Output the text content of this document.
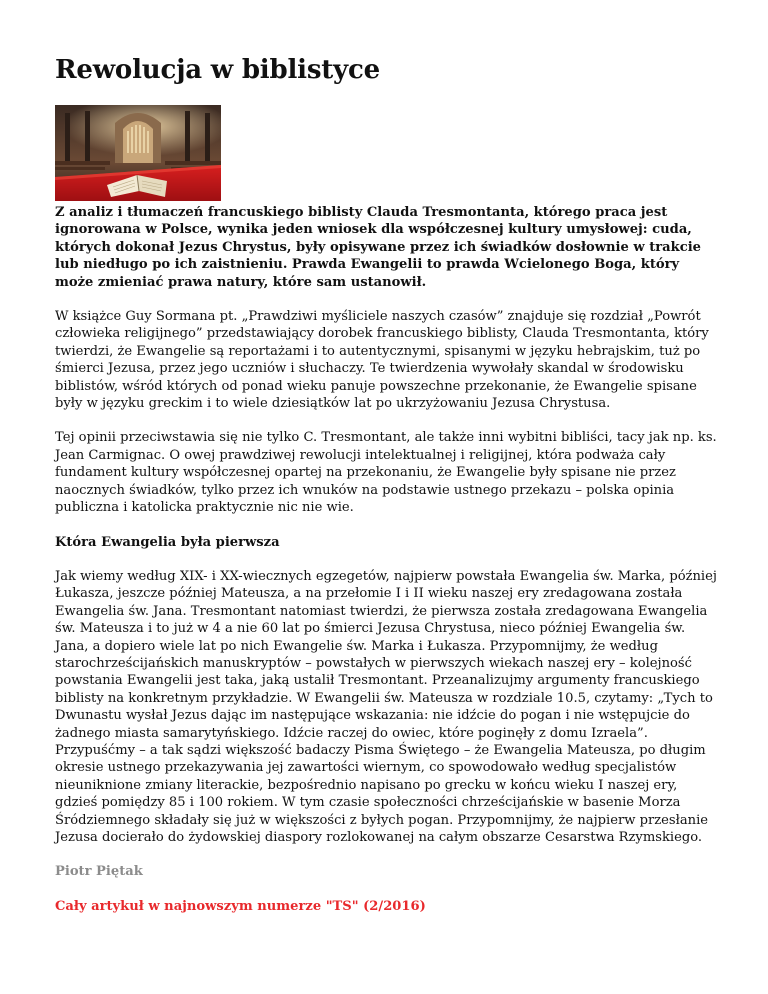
Rewolucja w biblistyce

Z analiz i tłumaczeń francuskiego biblisty Clauda Tresmontanta, którego praca jest ignorowana w Polsce, wynika jeden wniosek dla współczesnej kultury umysłowej: cuda, których dokonał Jezus Chrystus, były opisywane przez ich świadków dosłownie w trakcie lub niedługo po ich zaistnieniu. Prawda Ewangelii to prawda Wcielonego Boga, który może zmieniać prawa natury, które sam ustanowił.

W książce Guy Sormana pt. „Prawdziwi myśliciele naszych czasów” znajduje się rozdział „Powrót człowieka religijnego” przedstawiający dorobek francuskiego biblisty, Clauda Tresmontanta, który twierdzi, że Ewangelie są reportażami i to autentycznymi, spisanymi w języku hebrajskim, tuż po śmierci Jezusa, przez jego uczniów i słuchaczy. Te twierdzenia wywołały skandal w środowisku biblistów, wśród których od ponad wieku panuje powszechne przekonanie, że Ewangelie spisane były w języku greckim i to wiele dziesiątków lat po ukrzyżowaniu Jezusa Chrystusa.

Tej opinii przeciwstawia się nie tylko C. Tresmontant, ale także inni wybitni bibliści, tacy jak np. ks. Jean Carmignac. O owej prawdziwej rewolucji intelektualnej i religijnej, która podważa cały fundament kultury współczesnej opartej na przekonaniu, że Ewangelie były spisane nie przez naocznych świadków, tylko przez ich wnuków na podstawie ustnego przekazu – polska opinia publiczna i katolicka praktycznie nic nie wie.

Która Ewangelia była pierwsza

Jak wiemy według XIX- i XX-wiecznych egzegetów, najpierw powstała Ewangelia św. Marka, później Łukasza, jeszcze później Mateusza, a na przełomie I i II wieku naszej ery zredagowana została Ewangelia św. Jana. Tresmontant natomiast twierdzi, że pierwsza została zredagowana Ewangelia św. Mateusza i to już w 4 a nie 60 lat po śmierci Jezusa Chrystusa, nieco później Ewangelia św. Jana, a dopiero wiele lat po nich Ewangelie św. Marka i Łukasza. Przypomnijmy, że według starochrześcijańskich manuskryptów – powstałych w pierwszych wiekach naszej ery – kolejność powstania Ewangelii jest taka, jaką ustalił Tresmontant. Przeanalizujmy argumenty francuskiego biblisty na konkretnym przykładzie. W Ewangelii św. Mateusza w rozdziale 10.5, czytamy: „Tych to Dwunastu wysłał Jezus dając im następujące wskazania: nie idźcie do pogan i nie wstępujcie do żadnego miasta samarytyńskiego. Idźcie raczej do owiec, które poginęły z domu Izraela”. Przypuśćmy – a tak sądzi większość badaczy Pisma Świętego – że Ewangelia Mateusza, po długim okresie ustnego przekazywania jej zawartości wiernym, co spowodowało według specjalistów nieuniknione zmiany literackie, bezpośrednio napisano po grecku w końcu wieku I naszej ery, gdzieś pomiędzy 85 i 100 rokiem. W tym czasie społeczności chrześcijańskie w basenie Morza Śródziemnego składały się już w większości z byłych pogan. Przypomnijmy, że najpierw przesłanie Jezusa docierało do żydowskiej diaspory rozlokowanej na całym obszarze Cesarstwa Rzymskiego.

Piotr Piętak

Cały artykuł w najnowszym numerze "TS" (2/2016)
